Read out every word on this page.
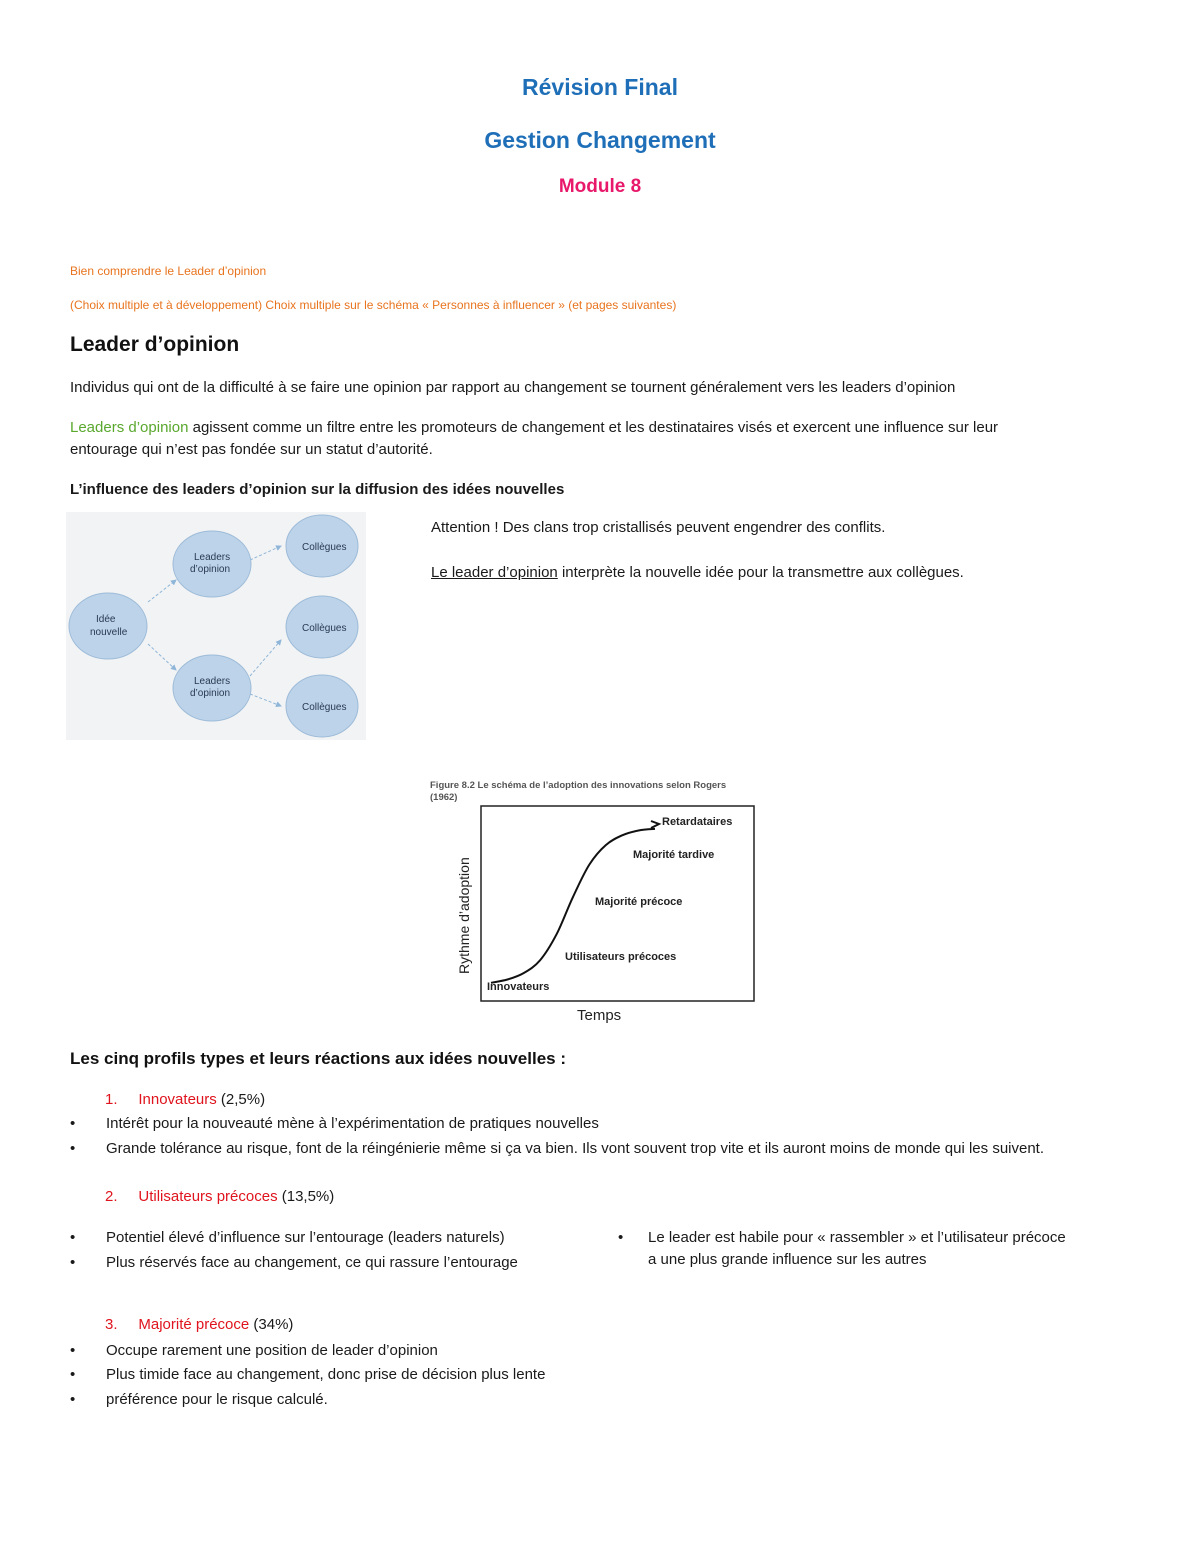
Révision Final
Gestion Changement
Module 8
Bien comprendre le Leader d’opinion
(Choix multiple et à développement) Choix multiple sur le schéma « Personnes à influencer » (et pages suivantes)
Leader d’opinion
Individus qui ont de la difficulté à se faire une opinion par rapport au changement se tournent généralement vers les leaders d’opinion
Leaders d’opinion agissent comme un filtre entre les promoteurs de changement et les destinataires visés et exercent une influence sur leur
entourage qui n’est pas fondée sur un statut d’autorité.
L’influence des leaders d’opinion sur la diffusion des idées nouvelles
Idée
nouvelle
Leaders
d’opinion
Leaders
d’opinion
Collègues
Collègues
Collègues
Attention ! Des clans trop cristallisés peuvent engendrer des conflits.
Le leader d’opinion interprète la nouvelle idée pour la transmettre aux collègues.
Figure 8.2 Le schéma de l’adoption des innovations selon Rogers
(1962)
Rythme d’adoption
Temps
Innovateurs
Utilisateurs précoces
Majorité précoce
Majorité tardive
Retardataires
Les cinq profils types et leurs réactions aux idées nouvelles :
1. Innovateurs (2,5%)
• Intérêt pour la nouveauté mène à l’expérimentation de pratiques nouvelles
• Grande tolérance au risque, font de la réingénierie même si ça va bien. Ils vont souvent trop vite et ils auront moins de monde qui les suivent.
2. Utilisateurs précoces (13,5%)
• Potentiel élevé d’influence sur l’entourage (leaders naturels)
• Plus réservés face au changement, ce qui rassure l’entourage
• Le leader est habile pour « rassembler » et l’utilisateur précoce
a une plus grande influence sur les autres
3. Majorité précoce (34%)
• Occupe rarement une position de leader d’opinion
• Plus timide face au changement, donc prise de décision plus lente
• préférence pour le risque calculé.
